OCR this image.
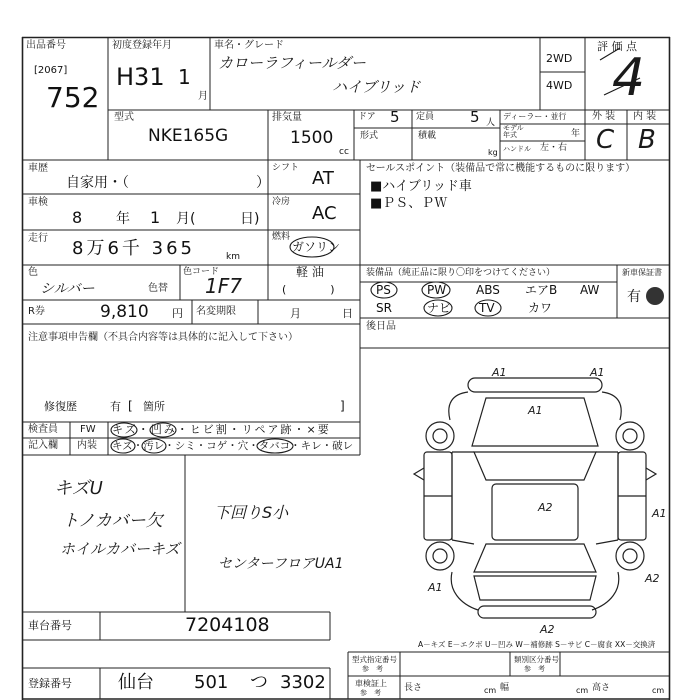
出品番号
[2067]
752
初度登録年月
H31 1
月
車名・グレード
カローラフィールダー
ハイブリッド
2WD
4WD
評 価 点
4
型式
NKE165G
排気量
1500
cc
ドア 5 定員 5 人
形式	積載
kg
ディーラー・並行
モデル
年式	年
ハンドル 左・右
外 装 内 装
C B
車歴
自家用・（	）
シフト AT	セールスポイント（装備品で常に機能するものに限ります）
■ハイブリッド車
■ＰＳ、ＰＷ
車検
8 年 1 月(	日)
冷房
AC
走行 8万6千 365	km
燃料
ガソリン
軽 油
(　　　　)
色
シルバー	色替
色コード
1F7
装備品（純正品に限り〇印をつけてください）
PS	PW ABS エアB AW
SR	ナビ TV	カワ
新車保証書
有
R券	9,810 円 名変期限	月	日
後日品
注意事項申告欄（不具合内容等は具体的に記入して下さい）
修復歴	有 [ 箇所	]
検査員
記入欄
FW
内装
キズ・凹み・ヒビ割・リペア跡・×要
キズ・汚レ・シミ・コゲ・穴・タバコ・キレ・破レ
キズU
トノカバー欠
ホイルカバーキズ
下回りS小
センターフロアUA1
A1	A1
A1
A2	A1
A2
A1
A2
A－キズ E－エクボ U－凹み W－補修跡 S－サビ C－腐食 XX－交換済
車台番号	7204108
登録番号	仙台 501 つ 3302
型式指定番号
参　考
類別区分番号
参　考
車検証上
参　考	長さ	cm 幅	cm 高さ	cm
